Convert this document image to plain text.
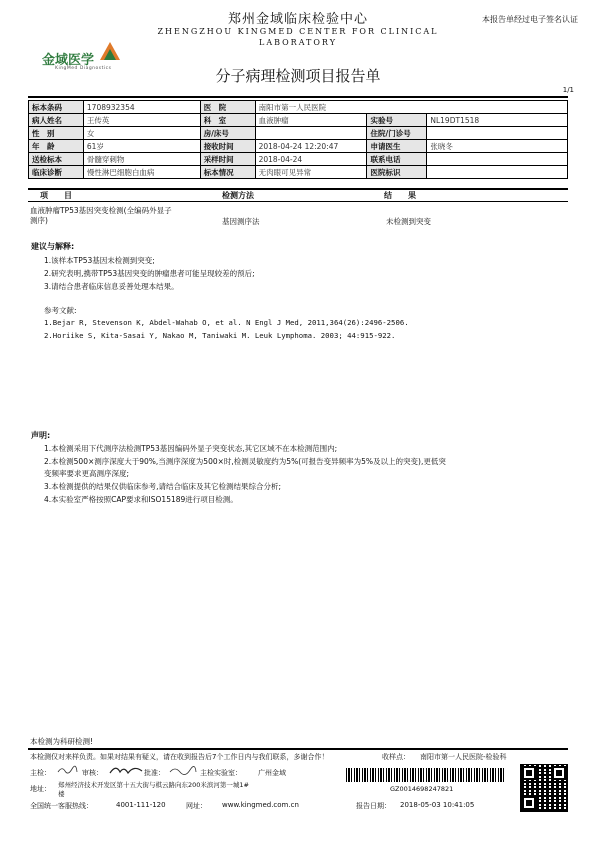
郑州金域临床检验中心
ZHENGZHOU KINGMED CENTER FOR CLINICAL
LABORATORY
本报告单经过电子签名认证
金域医学
KingMed Diagnostics	分子病理检测项目报告单
1/1
标本条码	1708932354	医　院	南阳市第一人民医院		
病人姓名	王传英	科　室	血液肿瘤	实验号	NL19DT1518
性　别	女	房/床号		住院/门诊号	
年　龄	61岁	接收时间	2018-04-24 12:20:47	申请医生	张晓冬
送检标本	骨髓穿刺物	采样时间	2018-04-24	联系电话	
临床诊断	慢性淋巴细胞白血病	标本情况	无肉眼可见异常	医院标识	
项　　目	检测方法	结　　果
血液肿瘤TP53基因突变检测(全编码外显子
测序)	基因测序法	未检测到突变
建议与解释:
1.该样本TP53基因未检测到突变;
2.研究表明,携带TP53基因突变的肿瘤患者可能呈现较差的预后;
3.请结合患者临床信息妥善处理本结果。
参考文献:
1.Bejar R, Stevenson K, Abdel-Wahab O, et al. N Engl J Med, 2011,364(26):2496-2506.
2.Horiike S, Kita-Sasai Y, Nakao M, Taniwaki M. Leuk Lymphoma. 2003; 44:915-922.
声明:
1.本检测采用下代测序法检测TP53基因编码外显子突变状态,其它区域不在本检测范围内;
2.本检测500×测序深度大于90%,当测序深度为500×时,检测灵敏度约为5%(可报告变异频率为5%及以上的突变),更低突
变频率要求更高测序深度;
3.本检测提供的结果仅供临床参考,请结合临床及其它检测结果综合分析;
4.本实验室严格按照CAP要求和ISO15189进行项目检测。
本检测为科研检测!
本检测仅对来样负责。如果对结果有疑义，请在收到报告后7个工作日内与我们联系，多谢合作！	收样点： 南阳市第一人民医院-检验科
主检：	审核：	批准：	主检实验室： 广州金域
GZ0014698247821
地址： 郑州经济技术开发区第十五大街与棋云路向东200米滨河第一城1#
楼
全国统一客服热线：	4001-111-120	网址： www.kingmed.com.cn	报告日期： 2018-05-03 10:41:05
